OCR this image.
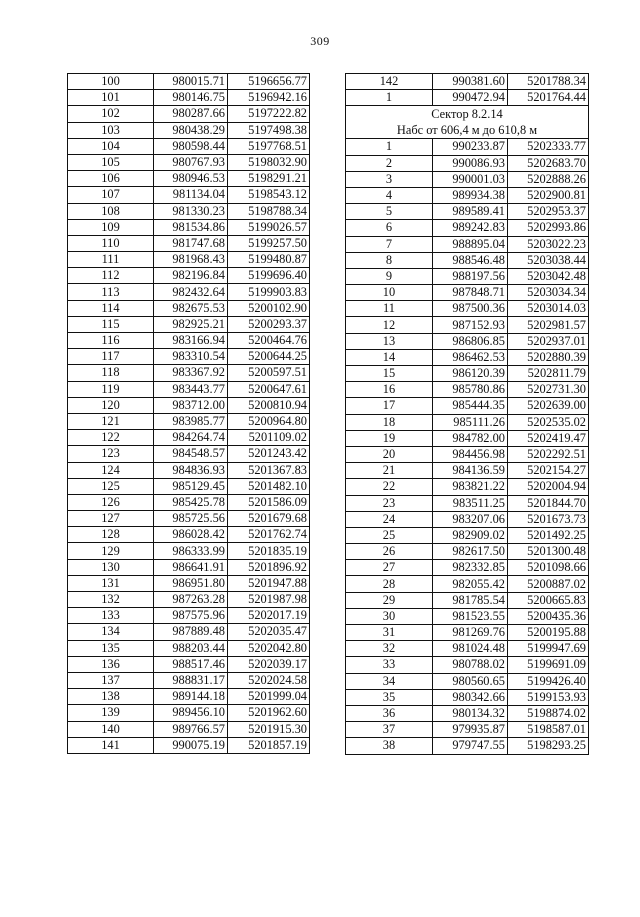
309
100	980015.71	5196656.77
101	980146.75	5196942.16
102	980287.66	5197222.82
103	980438.29	5197498.38
104	980598.44	5197768.51
105	980767.93	5198032.90
106	980946.53	5198291.21
107	981134.04	5198543.12
108	981330.23	5198788.34
109	981534.86	5199026.57
110	981747.68	5199257.50
111	981968.43	5199480.87
112	982196.84	5199696.40
113	982432.64	5199903.83
114	982675.53	5200102.90
115	982925.21	5200293.37
116	983166.94	5200464.76
117	983310.54	5200644.25
118	983367.92	5200597.51
119	983443.77	5200647.61
120	983712.00	5200810.94
121	983985.77	5200964.80
122	984264.74	5201109.02
123	984548.57	5201243.42
124	984836.93	5201367.83
125	985129.45	5201482.10
126	985425.78	5201586.09
127	985725.56	5201679.68
128	986028.42	5201762.74
129	986333.99	5201835.19
130	986641.91	5201896.92
131	986951.80	5201947.88
132	987263.28	5201987.98
133	987575.96	5202017.19
134	987889.48	5202035.47
135	988203.44	5202042.80
136	988517.46	5202039.17
137	988831.17	5202024.58
138	989144.18	5201999.04
139	989456.10	5201962.60
140	989766.57	5201915.30
141	990075.19	5201857.19
142	990381.60	5201788.34
1	990472.94	5201764.44

Сектор 8.2.14
Набс от 606,4 м до 610,8 м		

1	990233.87	5202333.77
2	990086.93	5202683.70
3	990001.03	5202888.26
4	989934.38	5202900.81
5	989589.41	5202953.37
6	989242.83	5202993.86
7	988895.04	5203022.23
8	988546.48	5203038.44
9	988197.56	5203042.48
10	987848.71	5203034.34
11	987500.36	5203014.03
12	987152.93	5202981.57
13	986806.85	5202937.01
14	986462.53	5202880.39
15	986120.39	5202811.79
16	985780.86	5202731.30
17	985444.35	5202639.00
18	985111.26	5202535.02
19	984782.00	5202419.47
20	984456.98	5202292.51
21	984136.59	5202154.27
22	983821.22	5202004.94
23	983511.25	5201844.70
24	983207.06	5201673.73
25	982909.02	5201492.25
26	982617.50	5201300.48
27	982332.85	5201098.66
28	982055.42	5200887.02
29	981785.54	5200665.83
30	981523.55	5200435.36
31	981269.76	5200195.88
32	981024.48	5199947.69
33	980788.02	5199691.09
34	980560.65	5199426.40
35	980342.66	5199153.93
36	980134.32	5198874.02
37	979935.87	5198587.01
38	979747.55	5198293.25
